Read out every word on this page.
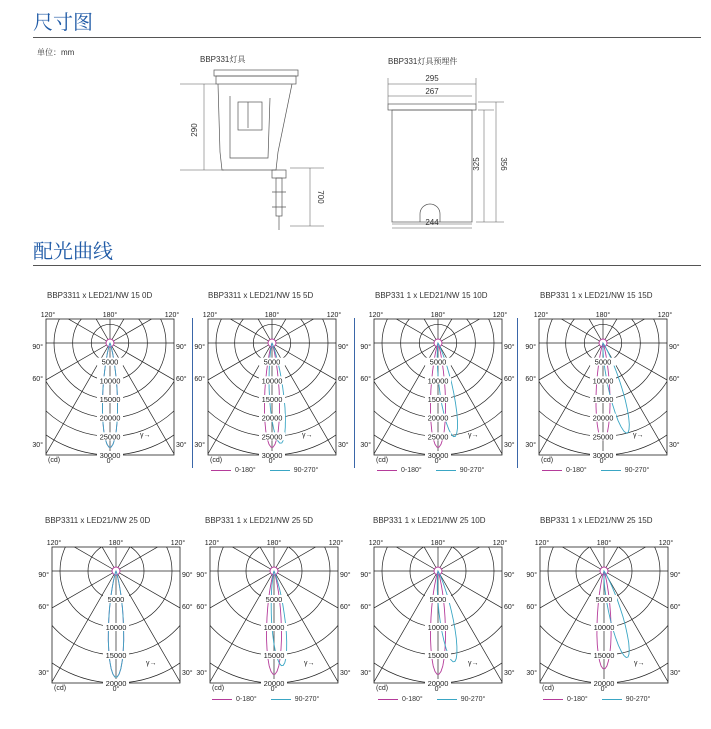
尺寸图
单位：mm
BBP331灯具	BBP331灯具预埋件
290
700
295
267
325 356
244
配光曲线
BBP3311 x LED21/NW 15 0D	BBP3311 x LED21/NW 15 5D	BBP331 1 x LED21/NW 15 10D	BBP331 1 x LED21/NW 15 15D
BBP3311 x LED21/NW 25 0D	BBP331 1 x LED21/NW 25 5D	BBP331 1 x LED21/NW 25 10D	BBP331 1 x LED21/NW 25 15D
5000
10000
15000
20000
25000
30000
120°	180°	120°
90°	90°
60°	60°
30°	30°
0°
(cd)
γ→
5000
10000
15000
20000
25000
30000
120°	180°	120°
90°	90°
60°	60°
30°	30°
0°
(cd)
γ→
5000
10000
15000
20000
25000
30000
120°	180°	120°
90°	90°
60°	60°
30°	30°
0°
(cd)
γ→
5000
10000
15000
20000
25000
30000
120°	180°	120°
90°	90°
60°	60°
30°	30°
0°
(cd)
γ→
5000
10000
15000
20000
120°	180°	120°
90°	90°
60°	60°
30°	30°
0°
(cd)
γ→
5000
10000
15000
20000
120°	180°	120°
90°	90°
60°	60°
30°	30°
0°
(cd)
γ→
5000
10000
15000
20000
120°	180°	120°
90°	90°
60°	60°
30°	30°
0°
(cd)
γ→
5000
10000
15000
20000
120°	180°	120°
90°	90°
60°	60°
30°	30°
0°
(cd)
γ→
0-180°	90-270°	0-180°	90-270°	0-180°	90-270°
0-180°	90-270°	0-180°	90-270°	0-180°	90-270°
